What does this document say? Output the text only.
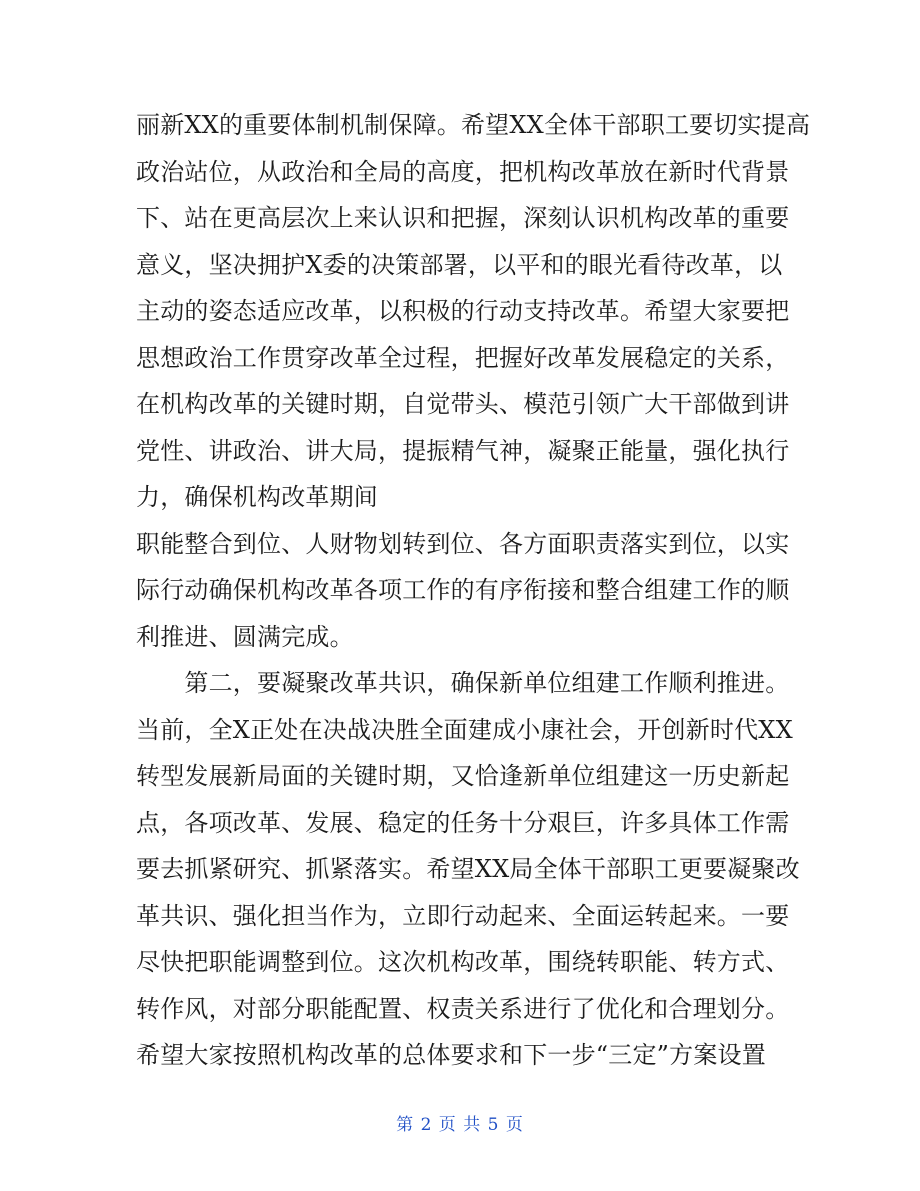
丽新XX的重要体制机制保障。希望XX全体干部职工要切实提高
政治站位，从政治和全局的高度，把机构改革放在新时代背景
下、站在更高层次上来认识和把握，深刻认识机构改革的重要
意义，坚决拥护X委的决策部署，以平和的眼光看待改革，以
主动的姿态适应改革，以积极的行动支持改革。希望大家要把
思想政治工作贯穿改革全过程，把握好改革发展稳定的关系，
在机构改革的关键时期，自觉带头、模范引领广大干部做到讲
党性、讲政治、讲大局，提振精气神，凝聚正能量，强化执行
力，确保机构改革期间
职能整合到位、人财物划转到位、各方面职责落实到位，以实
际行动确保机构改革各项工作的有序衔接和整合组建工作的顺
利推进、圆满完成。
　　第二，要凝聚改革共识，确保新单位组建工作顺利推进。
当前，全X正处在决战决胜全面建成小康社会，开创新时代XX
转型发展新局面的关键时期，又恰逢新单位组建这一历史新起
点，各项改革、发展、稳定的任务十分艰巨，许多具体工作需
要去抓紧研究、抓紧落实。希望XX局全体干部职工更要凝聚改
革共识、强化担当作为，立即行动起来、全面运转起来。一要
尽快把职能调整到位。这次机构改革，围绕转职能、转方式、
转作风，对部分职能配置、权责关系进行了优化和合理划分。
希望大家按照机构改革的总体要求和下一步“三定”方案设置
第 2 页 共 5 页
